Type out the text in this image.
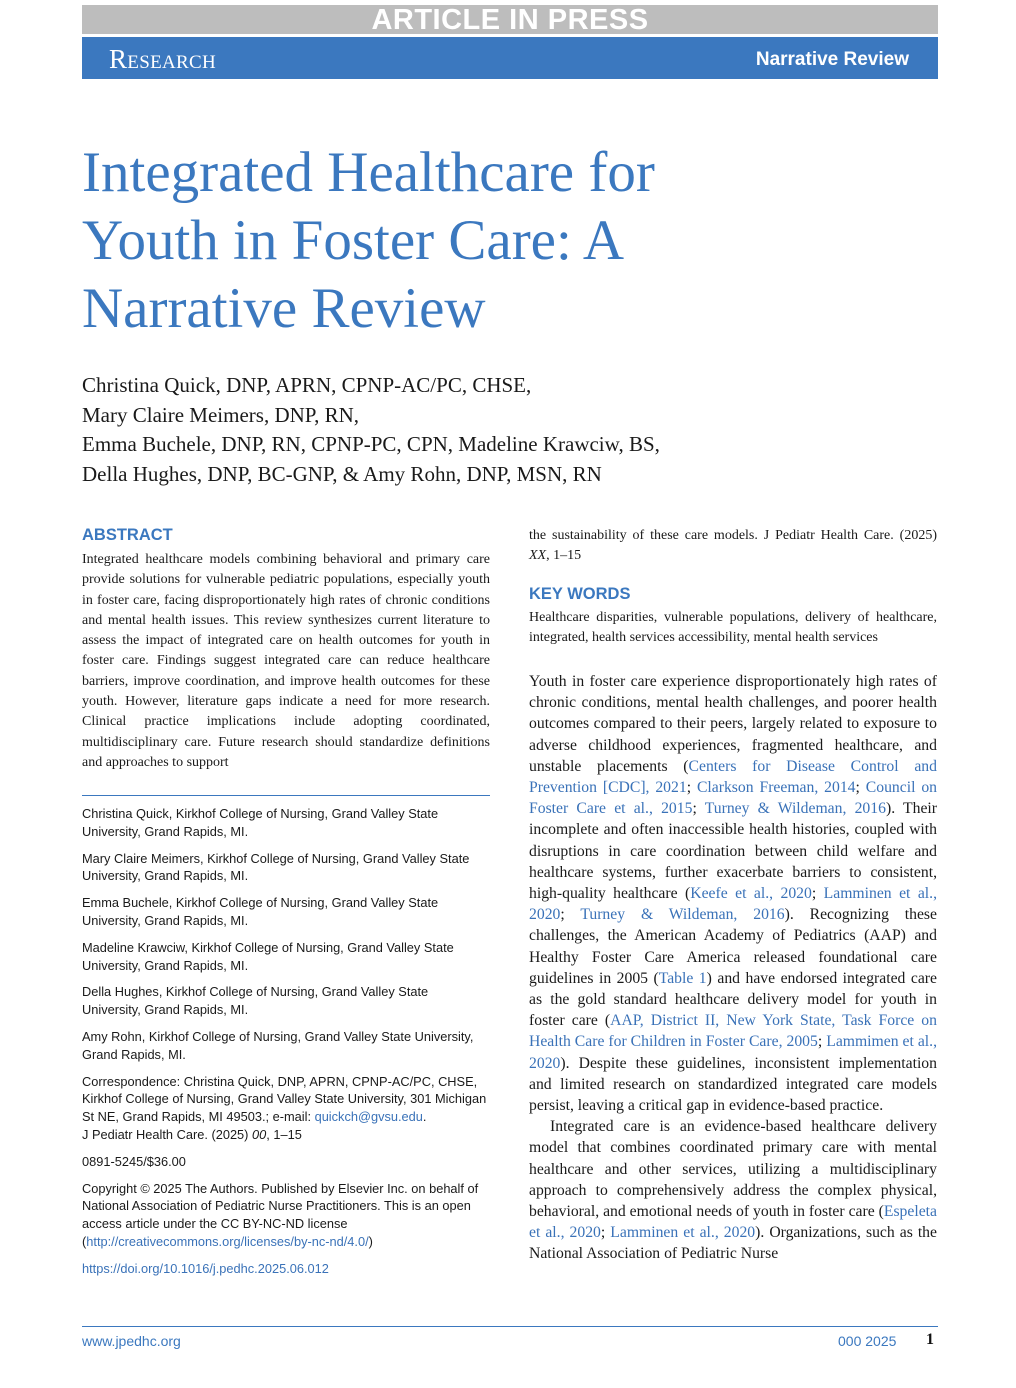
ARTICLE IN PRESS
Research	Narrative Review
Integrated Healthcare for
Youth in Foster Care: A
Narrative Review
Christina Quick, DNP, APRN, CPNP-AC/PC, CHSE,
Mary Claire Meimers, DNP, RN,
Emma Buchele, DNP, RN, CPNP-PC, CPN, Madeline Krawciw, BS,
Della Hughes, DNP, BC-GNP, & Amy Rohn, DNP, MSN, RN
ABSTRACT

Integrated healthcare models combining behavioral and primary care provide solutions for vulnerable pediatric populations, especially youth in foster care, facing disproportionately high rates of chronic conditions and mental health issues. This review synthesizes current literature to assess the impact of integrated care on health outcomes for youth in foster care. Findings suggest integrated care can reduce healthcare barriers, improve coordination, and improve health outcomes for these youth. However, literature gaps indicate a need for more research. Clinical practice implications include adopting coordinated, multidisciplinary care. Future research should standardize definitions and approaches to support

the sustainability of these care models. J Pediatr Health Care. (2025) XX, 1–15

KEY WORDS

Healthcare disparities, vulnerable populations, delivery of healthcare, integrated, health services accessibility, mental health services

Christina Quick, Kirkhof College of Nursing, Grand Valley State University, Grand Rapids, MI.

Mary Claire Meimers, Kirkhof College of Nursing, Grand Valley State University, Grand Rapids, MI.

Emma Buchele, Kirkhof College of Nursing, Grand Valley State University, Grand Rapids, MI.

Madeline Krawciw, Kirkhof College of Nursing, Grand Valley State University, Grand Rapids, MI.

Della Hughes, Kirkhof College of Nursing, Grand Valley State University, Grand Rapids, MI.

Amy Rohn, Kirkhof College of Nursing, Grand Valley State University, Grand Rapids, MI.

Correspondence: Christina Quick, DNP, APRN, CPNP-AC/PC, CHSE, Kirkhof College of Nursing, Grand Valley State University, 301 Michigan St NE, Grand Rapids, MI 49503.; e-mail: quickch@gvsu.edu.

J Pediatr Health Care. (2025) 00, 1–15

0891-5245/$36.00

Copyright © 2025 The Authors. Published by Elsevier Inc. on behalf of National Association of Pediatric Nurse Practitioners. This is an open access article under the CC BY-NC-ND license (http://creativecommons.org/licenses/by-nc-nd/4.0/)

https://doi.org/10.1016/j.pedhc.2025.06.012

Youth in foster care experience disproportionately high rates of chronic conditions, mental health challenges, and poorer health outcomes compared to their peers, largely related to exposure to adverse childhood experiences, fragmented healthcare, and unstable placements (Centers for Disease Control and Prevention [CDC], 2021; Clarkson Freeman, 2014; Council on Foster Care et al., 2015; Turney & Wildeman, 2016). Their incomplete and often inaccessible health histories, coupled with disruptions in care coordination between child welfare and healthcare systems, further exacerbate barriers to consistent, high-quality healthcare (Keefe et al., 2020; Lamminen et al., 2020; Turney & Wildeman, 2016). Recognizing these challenges, the American Academy of Pediatrics (AAP) and Healthy Foster Care America released foundational care guidelines in 2005 (Table 1) and have endorsed integrated care as the gold standard healthcare delivery model for youth in foster care (AAP, District II, New York State, Task Force on Health Care for Children in Foster Care, 2005; Lammimen et al., 2020). Despite these guidelines, inconsistent implementation and limited research on standardized integrated care models persist, leaving a critical gap in evidence-based practice.

Integrated care is an evidence-based healthcare delivery model that combines coordinated primary care with mental healthcare and other services, utilizing a multidisciplinary approach to comprehensively address the complex physical, behavioral, and emotional needs of youth in foster care (Espeleta et al., 2020; Lamminen et al., 2020). Organizations, such as the National Association of Pediatric Nurse

www.jpedhc.org	000 2025 1
